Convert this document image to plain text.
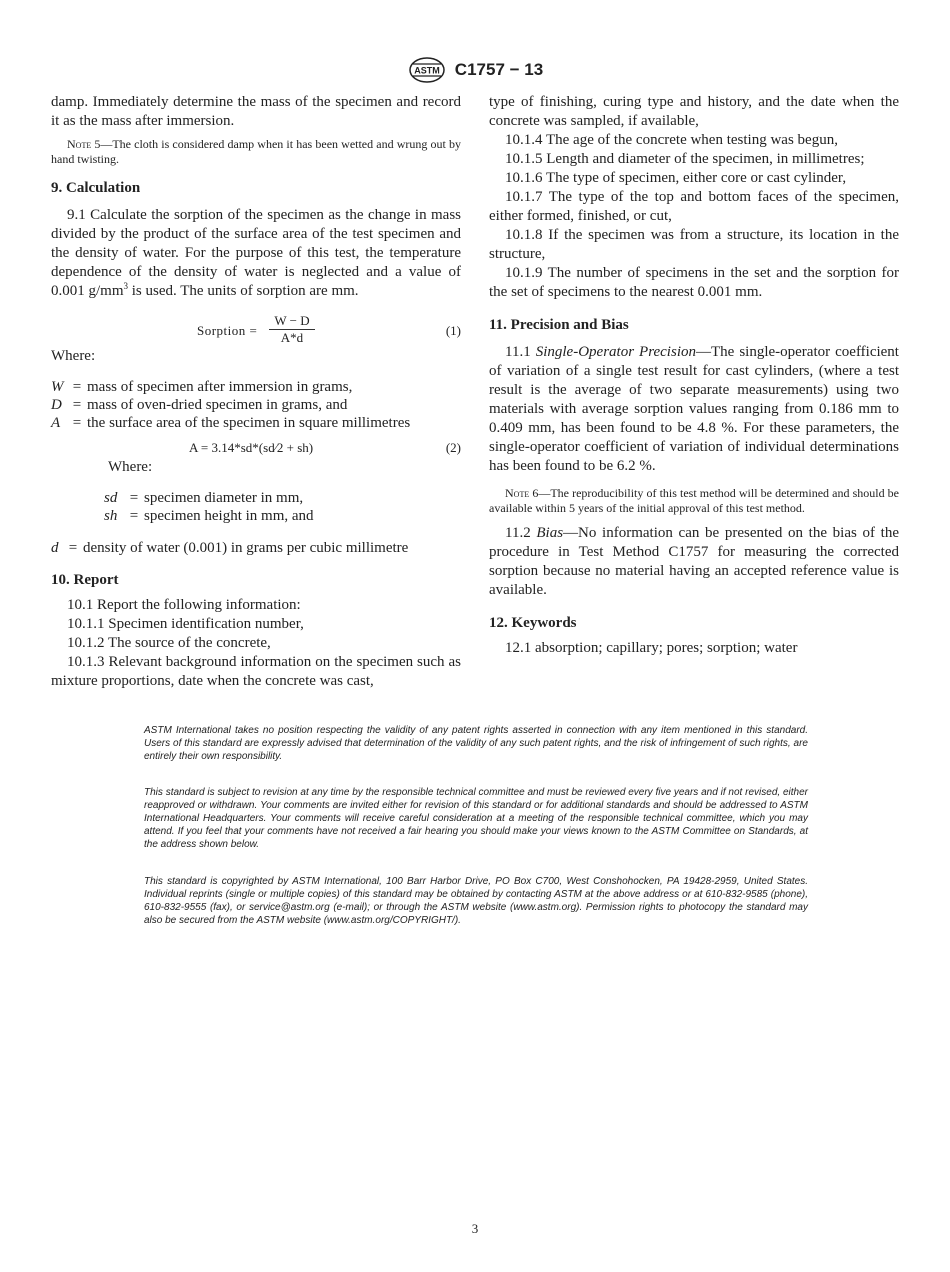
ASTM C1757 − 13

damp. Immediately determine the mass of the specimen and record it as the mass after immersion.

Note 5—The cloth is considered damp when it has been wetted and wrung out by hand twisting.

9. Calculation

9.1 Calculate the sorption of the specimen as the change in mass divided by the product of the surface area of the test specimen and the density of water. For the purpose of this test, the temperature dependence of the density of water is neglected and a value of 0.001 $g/mm^3$ is used. The units of sorption are mm.

Sorption = $\frac{W - D}{A*d}$	(1)

Where:

W	=	mass of specimen after immersion in grams,
D	=	mass of oven-dried specimen in grams, and
A	=	the surface area of the specimen in square millimetres
A = 3.14*sd*(sd⁄2 + sh)	(2)

Where:

sd	=	specimen diameter in mm,
sh	=	specimen height in mm, and
d	=	density of water (0.001) in grams per cubic millimetre
10. Report

10.1 Report the following information:

10.1.1 Specimen identification number,

10.1.2 The source of the concrete,

10.1.3 Relevant background information on the specimen such as mixture proportions, date when the concrete was cast,

type of finishing, curing type and history, and the date when the concrete was sampled, if available,

10.1.4 The age of the concrete when testing was begun,

10.1.5 Length and diameter of the specimen, in millimetres;

10.1.6 The type of specimen, either core or cast cylinder,

10.1.7 The type of the top and bottom faces of the specimen, either formed, finished, or cut,

10.1.8 If the specimen was from a structure, its location in the structure,

10.1.9 The number of specimens in the set and the sorption for the set of specimens to the nearest 0.001 mm.

11. Precision and Bias

11.1 Single-Operator Precision—The single-operator coefficient of variation of a single test result for cast cylinders, (where a test result is the average of two separate measurements) using two materials with average sorption values ranging from 0.186 mm to 0.409 mm, has been found to be 4.8 %. For these parameters, the single-operator coefficient of variation of individual determinations has been found to be 6.2 %.

Note 6—The reproducibility of this test method will be determined and should be available within 5 years of the initial approval of this test method.

11.2 Bias—No information can be presented on the bias of the procedure in Test Method C1757 for measuring the corrected sorption because no material having an accepted reference value is available.

12. Keywords

12.1 absorption; capillary; pores; sorption; water

ASTM International takes no position respecting the validity of any patent rights asserted in connection with any item mentioned in this standard. Users of this standard are expressly advised that determination of the validity of any such patent rights, and the risk of infringement of such rights, are entirely their own responsibility.

This standard is subject to revision at any time by the responsible technical committee and must be reviewed every five years and if not revised, either reapproved or withdrawn. Your comments are invited either for revision of this standard or for additional standards and should be addressed to ASTM International Headquarters. Your comments will receive careful consideration at a meeting of the responsible technical committee, which you may attend. If you feel that your comments have not received a fair hearing you should make your views known to the ASTM Committee on Standards, at the address shown below.

This standard is copyrighted by ASTM International, 100 Barr Harbor Drive, PO Box C700, West Conshohocken, PA 19428-2959, United States. Individual reprints (single or multiple copies) of this standard may be obtained by contacting ASTM at the above address or at 610-832-9585 (phone), 610-832-9555 (fax), or service@astm.org (e-mail); or through the ASTM website (www.astm.org). Permission rights to photocopy the standard may also be secured from the ASTM website (www.astm.org/COPYRIGHT/).

3
